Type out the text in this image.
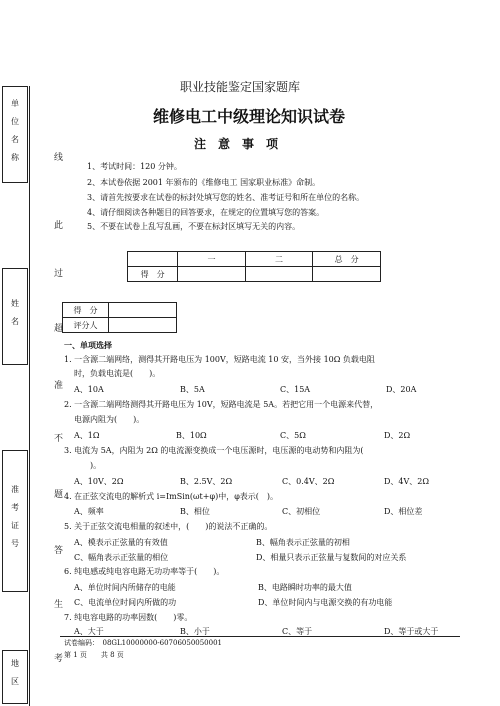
单位名称
姓名
准考证号
地区
线
此
过
超
准
不
题
答
生
考
职业技能鉴定国家题库
维修电工中级理论知识试卷
注　意　事　项
1、考试时间：120 分钟。
2、本试卷依据 2001 年颁布的《维修电工 国家职业标准》命制。
3、请首先按要求在试卷的标封处填写您的姓名、准考证号和所在单位的名称。
4、请仔细阅读各种题目的回答要求，在规定的位置填写您的答案。
5、不要在试卷上乱写乱画，不要在标封区填写无关的内容。
	一	二	总　分
得　分			
得　分	
评分人	
一、单项选择
1. 一含源二端网络，测得其开路电压为 100V，短路电流 10 安，当外接 10Ω 负载电阻
时，负载电流是(　　)。
A、10A	B、5A	C、15A	D、20A
2. 一含源二端网络测得其开路电压为 10V，短路电流是 5A。若把它用一个电源来代替，
电源内阻为(　　)。
A、1Ω	B、10Ω	C、5Ω	D、2Ω
3. 电流为 5A，内阻为 2Ω 的电流源变换成一个电压源时，电压源的电动势和内阻为(
)。
A、10V、2Ω	B、2.5V、2Ω	C、0.4V、2Ω	D、4V、2Ω
4. 在正弦交流电的解析式 i=ImSin(ωt+φ)中，φ表示(　)。
A、频率	B、相位	C、初相位	D、相位差
5. 关于正弦交流电相量的叙述中，(　　)的说法不正确的。
A、模表示正弦量的有效值	B、幅角表示正弦量的初相
C、幅角表示正弦量的相位	D、相量只表示正弦量与复数间的对应关系
6. 纯电感或纯电容电路无功功率等于(　　)。
A、单位时间内所储存的电能	B、电路瞬时功率的最大值
C、电流单位时间内所做的功	D、单位时间内与电源交换的有功电能
7. 纯电容电路的功率因数(　　)零。
A、大于	B、小于	C、等于	D、等于或大于
试卷编码：　08GL10000000-60706050050001
第 1 页　　共 8 页
